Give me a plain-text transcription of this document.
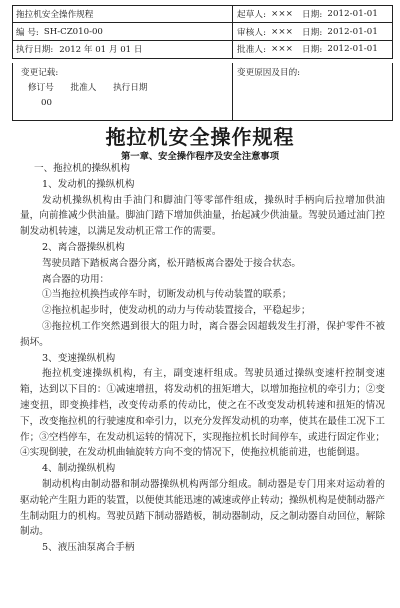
拖拉机安全操作规程	起草人: ××× 日期: 2012-01-01
编 号: SH-CZ010-00	审核人: ××× 日期: 2012-01-01
执行日期: 2012 年 01 月 01 日	批准人: ××× 日期: 2012-01-01
变更记载:
修订号 批准人 执行日期
00
变更原因及目的:
拖拉机安全操作规程
第一章、安全操作程序及安全注意事项

一、拖拉机的操纵机构

1、发动机的操纵机构

发动机操纵机构由手油门和脚油门等零部件组成，操纵时手柄向后拉增加供油量，向前推减少供油量。脚油门踏下增加供油量，抬起减少供油量。驾驶员通过油门控制发动机转速，以满足发动机正常工作的需要。

2、离合器操纵机构

驾驶员踏下踏板离合器分离，松开踏板离合器处于接合状态。

离合器的功用：

①当拖拉机换挡或停车时，切断发动机与传动装置的联系；

②拖拉机起步时，使发动机的动力与传动装置接合，平稳起步；

③拖拉机工作突然遇到很大的阻力时，离合器会因超载发生打滑，保护零件不被损坏。

3、变速操纵机构

拖拉机变速操纵机构，有主，副变速杆组成。驾驶员通过操纵变速杆控制变速箱，达到以下目的：①减速增扭，将发动机的扭矩增大，以增加拖拉机的牵引力；②变速变扭，即变换排档，改变传动系的传动比，使之在不改变发动机转速和扭矩的情况下，改变拖拉机的行驶速度和牵引力，以充分发挥发动机的功率，使其在最佳工况下工作；③空档停车，在发动机运转的情况下，实现拖拉机长时间停车，或进行固定作业；④实现倒驶，在发动机曲轴旋转方向不变的情况下，使拖拉机能前进，也能倒退。

4、制动操纵机构

制动机构由制动器和制动器操纵机构两部分组成。制动器是专门用来对运动着的驱动轮产生阻力距的装置，以便使其能迅速的减速或停止转动；操纵机构是使制动器产生制动阻力的机构。驾驶员踏下制动器踏板，制动器制动，反之制动器自动回位，解除制动。

5、液压油泵离合手柄
